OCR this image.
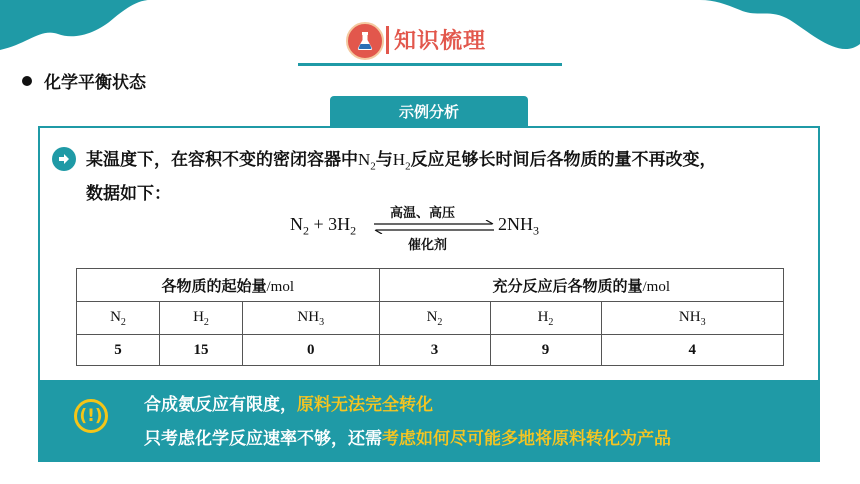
知识梳理
化学平衡状态
示例分析
某温度下，在容积不变的密闭容器中$N_2$与$H_2$反应足够长时间后各物质的量不再改变，
数据如下：
$N_2 + 3H_2$
高温、高压
催化剂
$2NH_3$
各物质的起始量/mol			充分反应后各物质的量/mol		
$N_2$	$H_2$	$NH_3$	$N_2$	$H_2$	$NH_3$
5	15	0	3	9	4
(!)
合成氨反应有限度，原料无法完全转化
只考虑化学反应速率不够，还需考虑如何尽可能多地将原料转化为产品
